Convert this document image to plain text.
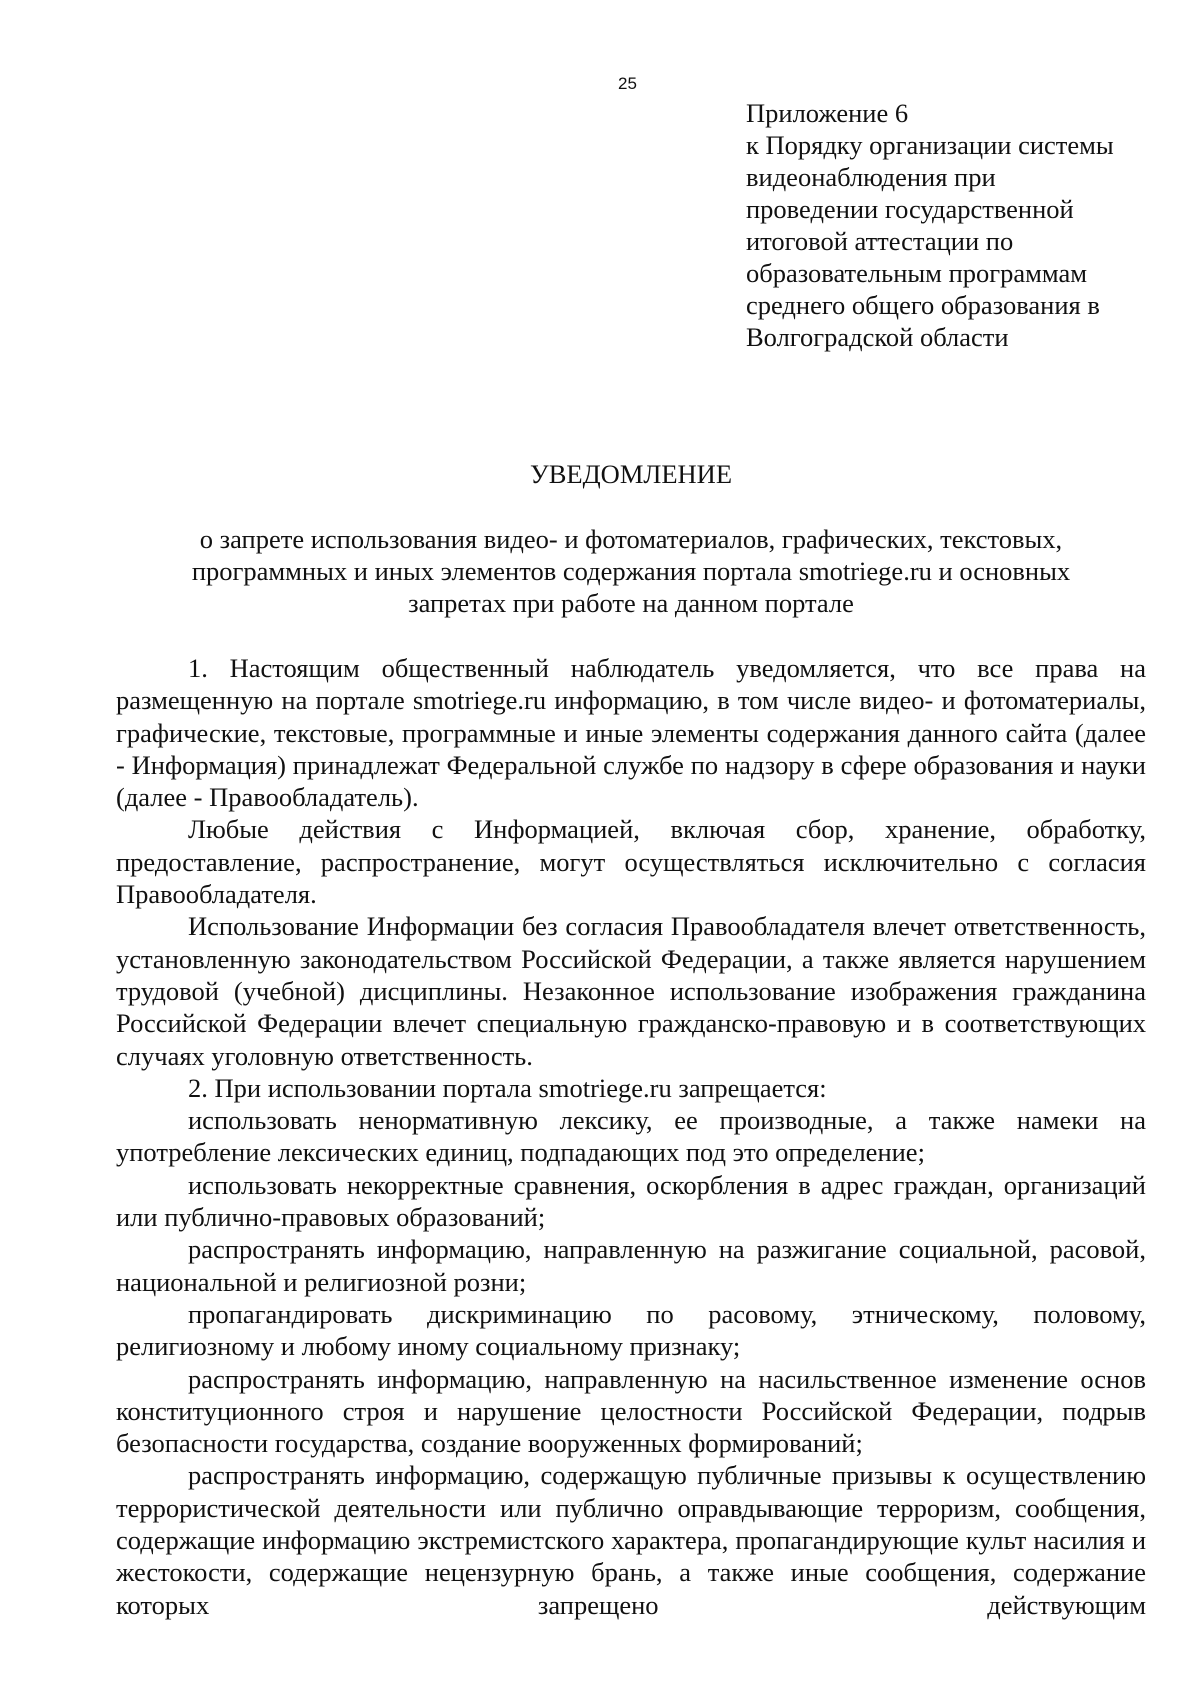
25
Приложение 6
к Порядку организации системы
видеонаблюдения при
проведении государственной
итоговой аттестации по
образовательным программам
среднего общего образования в
Волгоградской области
УВЕДОМЛЕНИЕ
о запрете использования видео- и фотоматериалов, графических, текстовых,
программных и иных элементов содержания портала smotriege.ru и основных
запретах при работе на данном портале

1. Настоящим общественный наблюдатель уведомляется, что все права на размещенную на портале smotriege.ru информацию, в том числе видео- и фотоматериалы, графические, текстовые, программные и иные элементы содержания данного сайта (далее - Информация) принадлежат Федеральной службе по надзору в сфере образования и науки (далее - Правообладатель).

Любые действия с Информацией, включая сбор, хранение, обработку, предоставление, распространение, могут осуществляться исключительно с согласия Правообладателя.

Использование Информации без согласия Правообладателя влечет ответственность, установленную законодательством Российской Федерации, а также является нарушением трудовой (учебной) дисциплины. Незаконное использование изображения гражданина Российской Федерации влечет специальную гражданско-правовую и в соответствующих случаях уголовную ответственность.

2. При использовании портала smotriege.ru запрещается:

использовать ненормативную лексику, ее производные, а также намеки на употребление лексических единиц, подпадающих под это определение;

использовать некорректные сравнения, оскорбления в адрес граждан, организаций или публично-правовых образований;

распространять информацию, направленную на разжигание социальной, расовой, национальной и религиозной розни;

пропагандировать дискриминацию по расовому, этническому, половому, религиозному и любому иному социальному признаку;

распространять информацию, направленную на насильственное изменение основ конституционного строя и нарушение целостности Российской Федерации, подрыв безопасности государства, создание вооруженных формирований;

распространять информацию, содержащую публичные призывы к осуществлению террористической деятельности или публично оправдывающие терроризм, сообщения, содержащие информацию экстремистского характера, пропагандирующие культ насилия и жестокости, содержащие нецензурную брань, а также иные сообщения, содержание которых запрещено действующим
